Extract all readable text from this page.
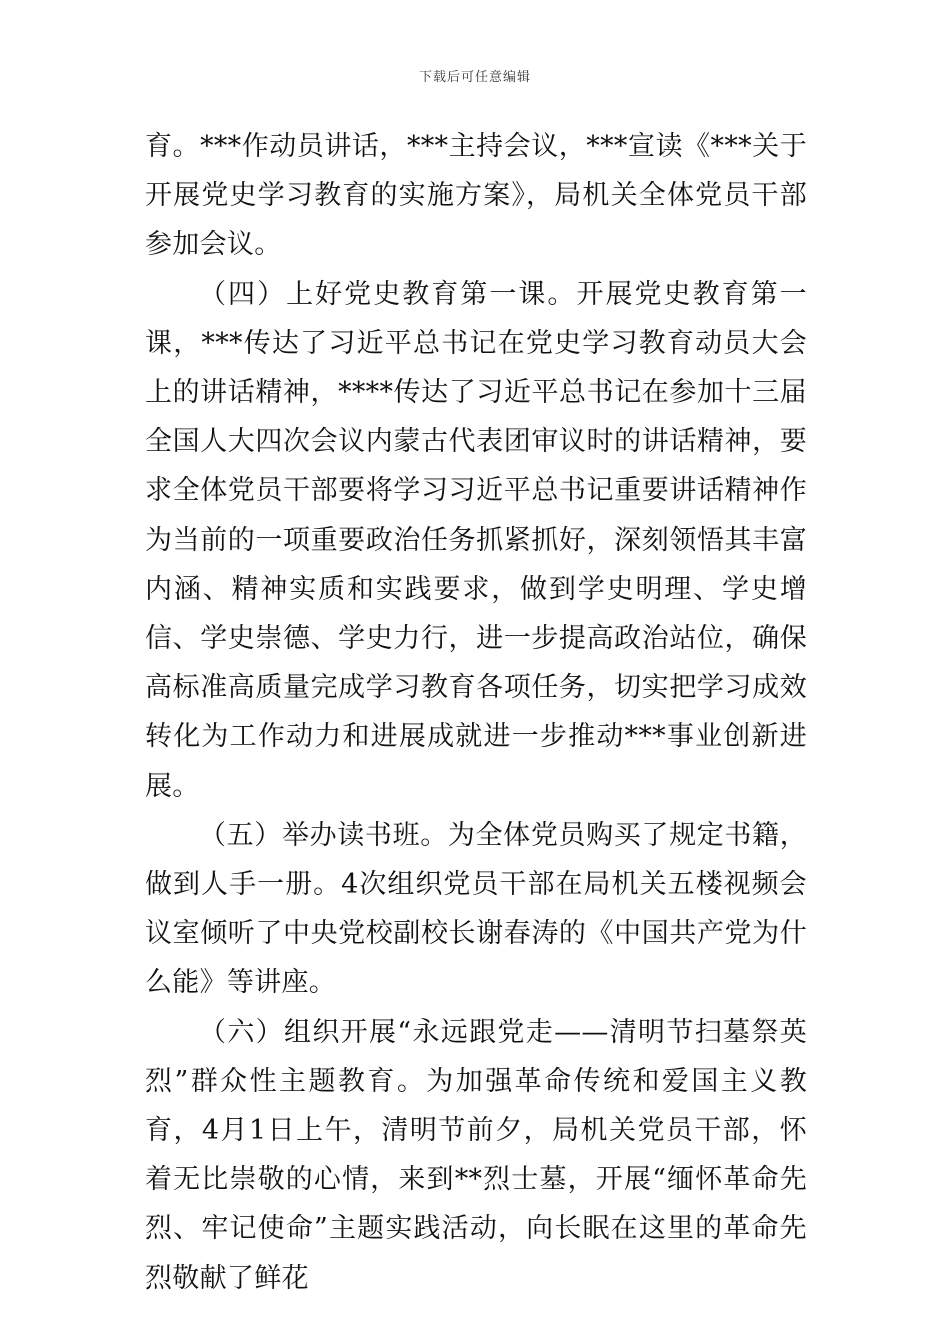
下载后可任意编辑

育。***作动员讲话，***主持会议，***宣读《***关于开展党史学习教育的实施方案》，局机关全体党员干部参加会议。

（四）上好党史教育第一课。开展党史教育第一课，***传达了习近平总书记在党史学习教育动员大会上的讲话精神，****传达了习近平总书记在参加十三届全国人大四次会议内蒙古代表团审议时的讲话精神，要求全体党员干部要将学习习近平总书记重要讲话精神作为当前的一项重要政治任务抓紧抓好，深刻领悟其丰富内涵、精神实质和实践要求，做到学史明理、学史增信、学史崇德、学史力行，进一步提高政治站位，确保高标准高质量完成学习教育各项任务，切实把学习成效转化为工作动力和进展成就进一步推动***事业创新进展。

（五）举办读书班。为全体党员购买了规定书籍，做到人手一册。4次组织党员干部在局机关五楼视频会议室倾听了中央党校副校长谢春涛的《中国共产党为什么能》等讲座。

（六）组织开展“永远跟党走——清明节扫墓祭英烈”群众性主题教育。为加强革命传统和爱国主义教育，4月1日上午，清明节前夕，局机关党员干部，怀着无比崇敬的心情，来到**烈士墓，开展“缅怀革命先烈、牢记使命”主题实践活动，向长眠在这里的革命先烈敬献了鲜花
